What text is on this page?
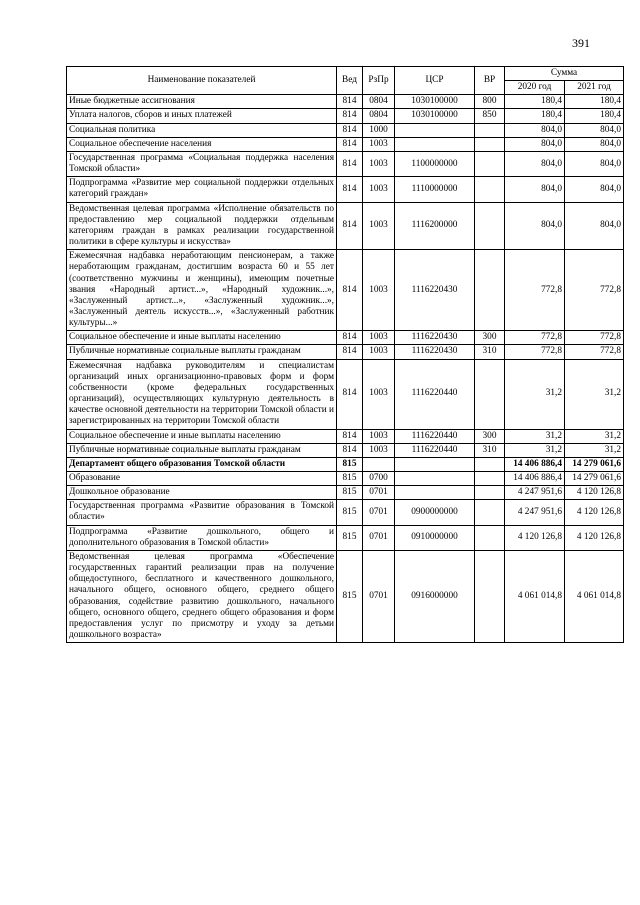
391
Наименование показателей	Вед	РзПр	ЦСР	ВР	Сумма	
					2020 год	2021 год
Иные бюджетные ассигнования	814	0804	1030100000	800	180,4	180,4
Уплата налогов, сборов и иных платежей	814	0804	1030100000	850	180,4	180,4
Социальная политика	814	1000			804,0	804,0
Социальное обеспечение населения	814	1003			804,0	804,0
Государственная программа «Социальная поддержка населения Томской области»	814	1003	1100000000		804,0	804,0
Подпрограмма «Развитие мер социальной поддержки отдельных категорий граждан»	814	1003	1110000000		804,0	804,0
Ведомственная целевая программа «Исполнение обязательств по предоставлению мер социальной поддержки отдельным категориям граждан в рамках реализации государственной политики в сфере культуры и искусства»	814	1003	1116200000		804,0	804,0
Ежемесячная надбавка неработающим пенсионерам, а также неработающим гражданам, достигшим возраста 60 и 55 лет (соответственно мужчины и женщины), имеющим почетные звания «Народный артист...», «Народный художник...», «Заслуженный артист...», «Заслуженный художник...», «Заслуженный деятель искусств...», «Заслуженный работник культуры...»	814	1003	1116220430		772,8	772,8
Социальное обеспечение и иные выплаты населению	814	1003	1116220430	300	772,8	772,8
Публичные нормативные социальные выплаты гражданам	814	1003	1116220430	310	772,8	772,8
Ежемесячная надбавка руководителям и специалистам организаций иных организационно-правовых форм и форм собственности (кроме федеральных государственных организаций), осуществляющих культурную деятельность в качестве основной деятельности на территории Томской области и зарегистрированных на территории Томской области	814	1003	1116220440		31,2	31,2
Социальное обеспечение и иные выплаты населению	814	1003	1116220440	300	31,2	31,2
Публичные нормативные социальные выплаты гражданам	814	1003	1116220440	310	31,2	31,2
Департамент общего образования Томской области	815				14 406 886,4	14 279 061,6
Образование	815	0700			14 406 886,4	14 279 061,6
Дошкольное образование	815	0701			4 247 951,6	4 120 126,8
Государственная программа «Развитие образования в Томской области»	815	0701	0900000000		4 247 951,6	4 120 126,8
Подпрограмма «Развитие дошкольного, общего и дополнительного образования в Томской области»	815	0701	0910000000		4 120 126,8	4 120 126,8
Ведомственная целевая программа «Обеспечение государственных гарантий реализации прав на получение общедоступного, бесплатного и качественного дошкольного, начального общего, основного общего, среднего общего образования, содействие развитию дошкольного, начального общего, основного общего, среднего общего образования и форм предоставления услуг по присмотру и уходу за детьми дошкольного возраста»	815	0701	0916000000		4 061 014,8	4 061 014,8
